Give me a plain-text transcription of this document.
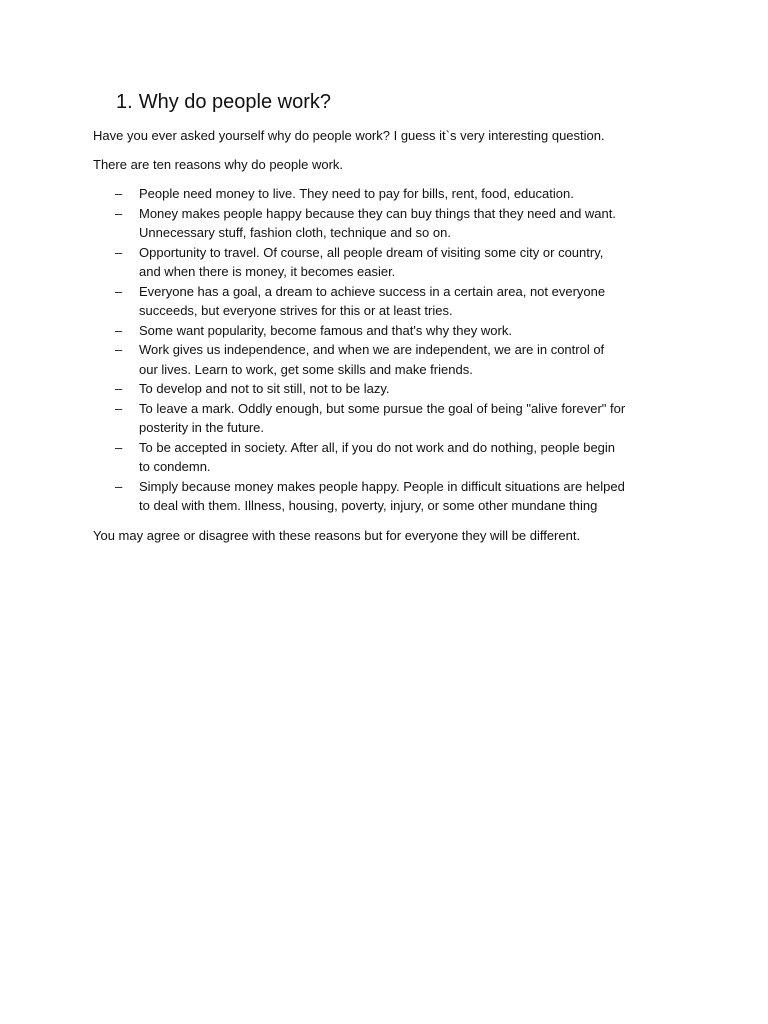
1. Why do people work?

Have you ever asked yourself why do people work? I guess it`s very interesting question.

There are ten reasons why do people work.

– People need money to live. They need to pay for bills, rent, food, education.
– Money makes people happy because they can buy things that they need and want.
Unnecessary stuff, fashion cloth, technique and so on.
– Opportunity to travel. Of course, all people dream of visiting some city or country,
and when there is money, it becomes easier.
– Everyone has a goal, a dream to achieve success in a certain area, not everyone
succeeds, but everyone strives for this or at least tries.
– Some want popularity, become famous and that's why they work.
– Work gives us independence, and when we are independent, we are in control of
our lives. Learn to work, get some skills and make friends.
– To develop and not to sit still, not to be lazy.
– To leave a mark. Oddly enough, but some pursue the goal of being "alive forever" for
posterity in the future.
– To be accepted in society. After all, if you do not work and do nothing, people begin
to condemn.
– Simply because money makes people happy. People in difficult situations are helped
to deal with them. Illness, housing, poverty, injury, or some other mundane thing

You may agree or disagree with these reasons but for everyone they will be different.
